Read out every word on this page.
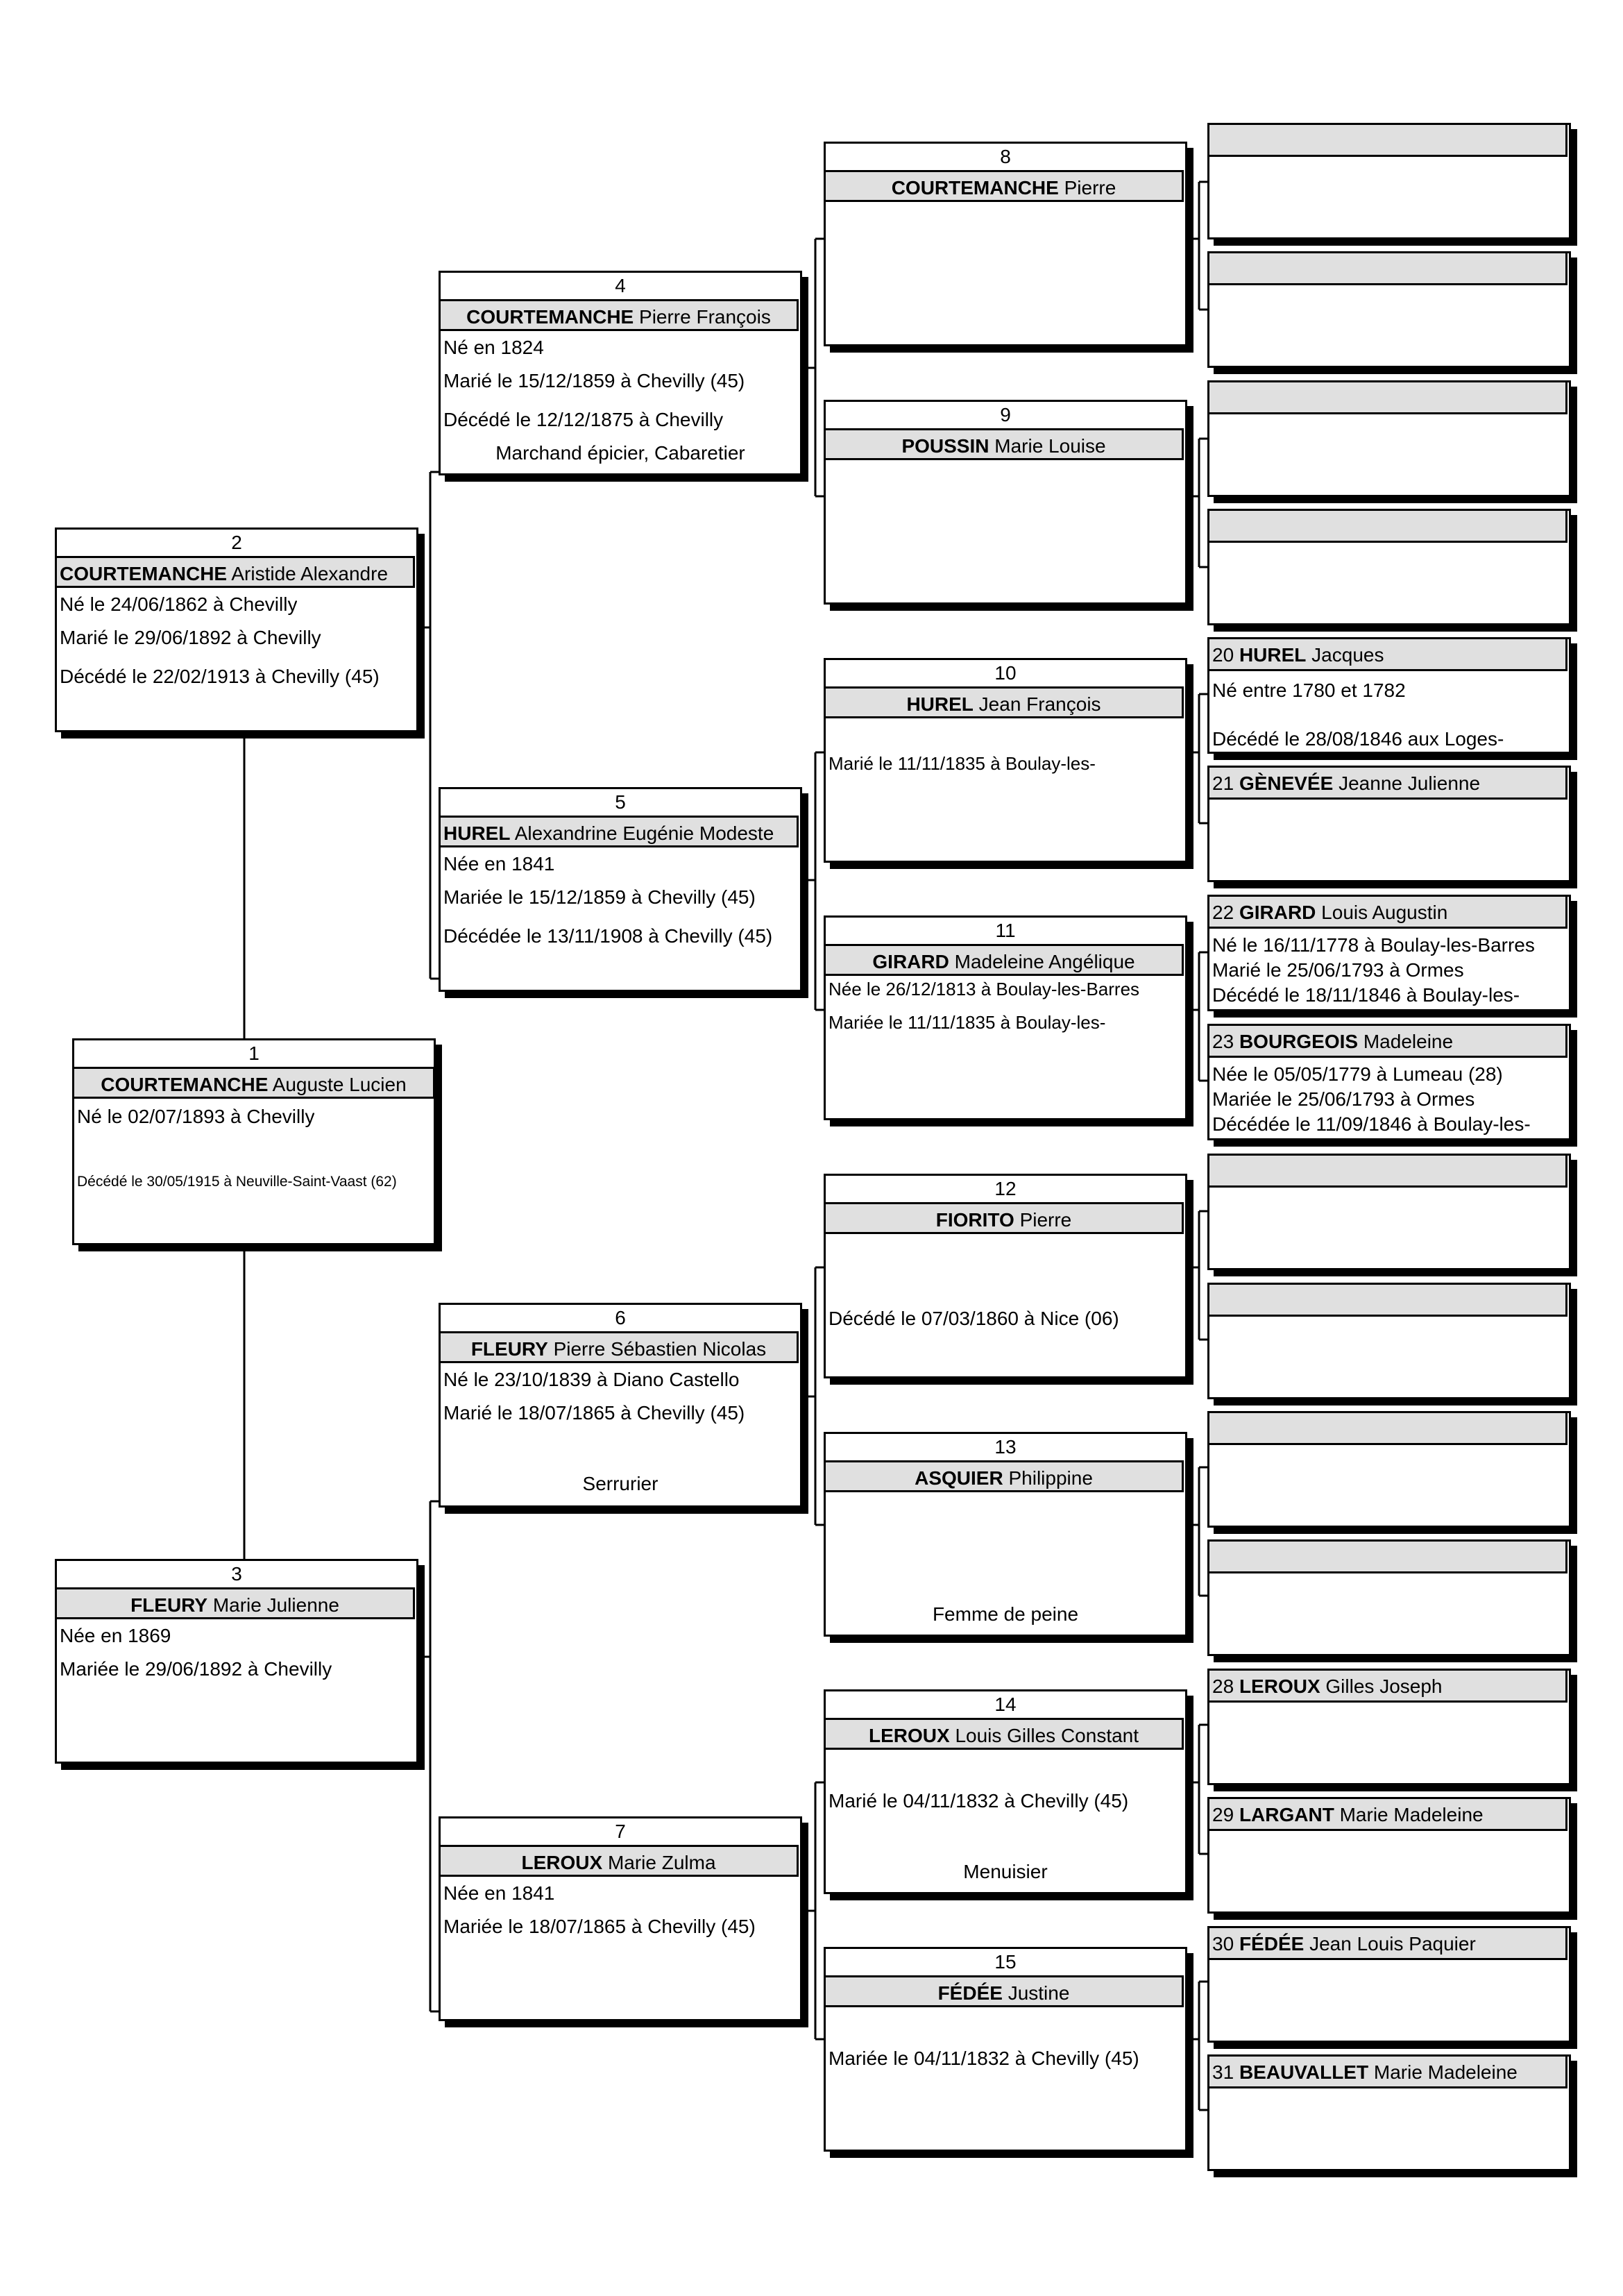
1
COURTEMANCHE Auguste Lucien
Né le 02/07/1893 à Chevilly
Décédé le 30/05/1915 à Neuville-Saint-Vaast (62)
2
COURTEMANCHE Aristide Alexandre
Né le 24/06/1862 à Chevilly
Marié le 29/06/1892 à Chevilly
Décédé le 22/02/1913 à Chevilly (45)
3
FLEURY Marie Julienne
Née en 1869
Mariée le 29/06/1892 à Chevilly
4
COURTEMANCHE Pierre François
Né en 1824
Marié le 15/12/1859 à Chevilly (45)
Décédé le 12/12/1875 à Chevilly
Marchand épicier, Cabaretier
5
HUREL Alexandrine Eugénie Modeste
Née en 1841
Mariée le 15/12/1859 à Chevilly (45)
Décédée le 13/11/1908 à Chevilly (45)
6
FLEURY Pierre Sébastien Nicolas
Né le 23/10/1839 à Diano Castello
Marié le 18/07/1865 à Chevilly (45)
Serrurier
7
LEROUX Marie Zulma
Née en 1841
Mariée le 18/07/1865 à Chevilly (45)
8
COURTEMANCHE Pierre
9
POUSSIN Marie Louise
10
HUREL Jean François
Marié le 11/11/1835 à Boulay-les-
11
GIRARD Madeleine Angélique
Née le 26/12/1813 à Boulay-les-Barres
Mariée le 11/11/1835 à Boulay-les-
12
FIORITO Pierre
Décédé le 07/03/1860 à Nice (06)
13
ASQUIER Philippine
Femme de peine
14
LEROUX Louis Gilles Constant
Marié le 04/11/1832 à Chevilly (45)
Menuisier
15
FÉDÉE Justine
Mariée le 04/11/1832 à Chevilly (45)
20 HUREL Jacques
Né entre 1780 et 1782
Décédé le 28/08/1846 aux Loges-
21 GÈNEVÉE Jeanne Julienne
22 GIRARD Louis Augustin
Né le 16/11/1778 à Boulay-les-Barres
Marié le 25/06/1793 à Ormes
Décédé le 18/11/1846 à Boulay-les-
23 BOURGEOIS Madeleine
Née le 05/05/1779 à Lumeau (28)
Mariée le 25/06/1793 à Ormes
Décédée le 11/09/1846 à Boulay-les-
28 LEROUX Gilles Joseph
29 LARGANT Marie Madeleine
30 FÉDÉE Jean Louis Paquier
31 BEAUVALLET Marie Madeleine
